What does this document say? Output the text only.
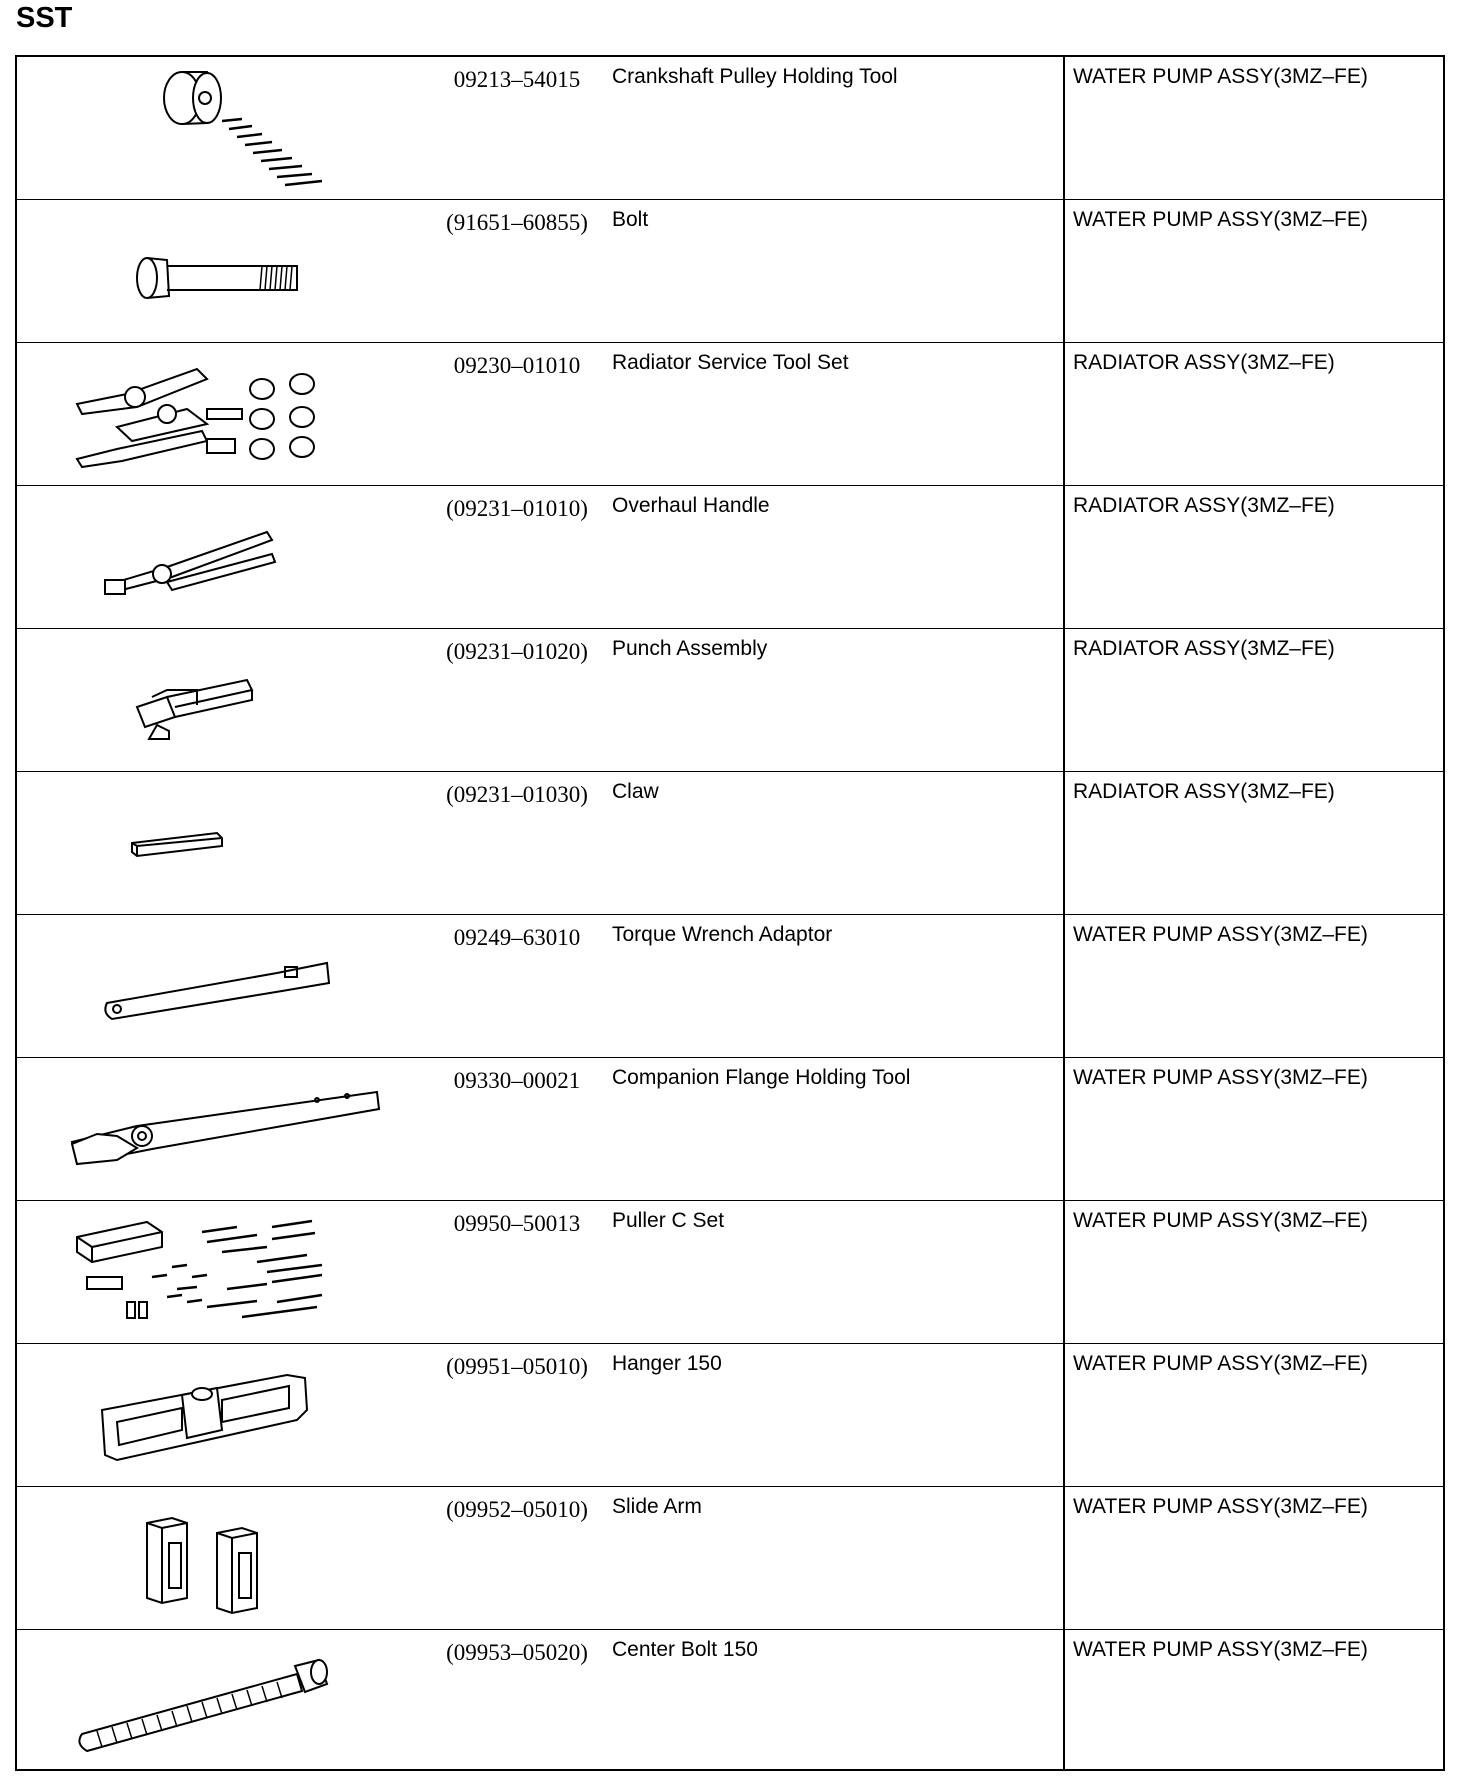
SST
09213–54015	Crankshaft Pulley Holding Tool	WATER PUMP ASSY(3MZ–FE)
(91651–60855)	Bolt	WATER PUMP ASSY(3MZ–FE)
09230–01010	Radiator Service Tool Set	RADIATOR ASSY(3MZ–FE)
(09231–01010)	Overhaul Handle	RADIATOR ASSY(3MZ–FE)
(09231–01020)	Punch Assembly	RADIATOR ASSY(3MZ–FE)
(09231–01030)	Claw	RADIATOR ASSY(3MZ–FE)
09249–63010	Torque Wrench Adaptor	WATER PUMP ASSY(3MZ–FE)
09330–00021	Companion Flange Holding Tool	WATER PUMP ASSY(3MZ–FE)
09950–50013	Puller C Set	WATER PUMP ASSY(3MZ–FE)
(09951–05010)	Hanger 150	WATER PUMP ASSY(3MZ–FE)
(09952–05010)	Slide Arm	WATER PUMP ASSY(3MZ–FE)
(09953–05020)	Center Bolt 150	WATER PUMP ASSY(3MZ–FE)
